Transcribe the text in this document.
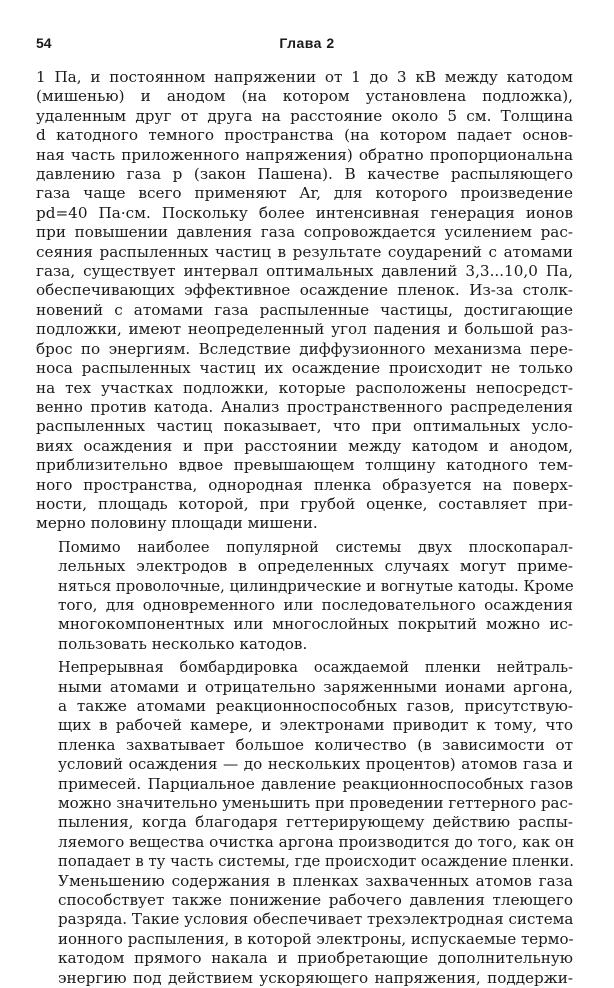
54	Глава 2

1 Па, и постоянном напряжении от 1 до 3 кВ между катодом
(мишенью) и анодом (на котором установлена подложка),
удаленным друг от друга на расстояние около 5 см. Толщина
d катодного темного пространства (на котором падает основ-
ная часть приложенного напряжения) обратно пропорциональна
давлению газа p (закон Пашена). В качестве распыляющего
газа чаще всего применяют Ar, для которого произведение
pd=40 Па·см. Поскольку более интенсивная генерация ионов
при повышении давления газа сопровождается усилением рас-
сеяния распыленных частиц в результате соударений с атомами
газа, существует интервал оптимальных давлений 3,3...10,0 Па,
обеспечивающих эффективное осаждение пленок. Из-за столк-
новений с атомами газа распыленные частицы, достигающие
подложки, имеют неопределенный угол падения и большой раз-
брос по энергиям. Вследствие диффузионного механизма пере-
носа распыленных частиц их осаждение происходит не только
на тех участках подложки, которые расположены непосредст-
венно против катода. Анализ пространственного распределения
распыленных частиц показывает, что при оптимальных усло-
виях осаждения и при расстоянии между катодом и анодом,
приблизительно вдвое превышающем толщину катодного тем-
ного пространства, однородная пленка образуется на поверх-
ности, площадь которой, при грубой оценке, составляет при-
мерно половину площади мишени.

Помимо наиболее популярной системы двух плоскопарал-
лельных электродов в определенных случаях могут приме-
няться проволочные, цилиндрические и вогнутые катоды. Кроме
того, для одновременного или последовательного осаждения
многокомпонентных или многослойных покрытий можно ис-
пользовать несколько катодов.

Непрерывная бомбардировка осаждаемой пленки нейтраль-
ными атомами и отрицательно заряженными ионами аргона,
а также атомами реакционноспособных газов, присутствую-
щих в рабочей камере, и электронами приводит к тому, что
пленка захватывает большое количество (в зависимости от
условий осаждения — до нескольких процентов) атомов газа и
примесей. Парциальное давление реакционноспособных газов
можно значительно уменьшить при проведении геттерного рас-
пыления, когда благодаря геттерирующему действию распы-
ляемого вещества очистка аргона производится до того, как он
попадает в ту часть системы, где происходит осаждение пленки.
Уменьшению содержания в пленках захваченных атомов газа
способствует также понижение рабочего давления тлеющего
разряда. Такие условия обеспечивает трехэлектродная система
ионного распыления, в которой электроны, испускаемые термо-
катодом прямого накала и приобретающие дополнительную
энергию под действием ускоряющего напряжения, поддержи-
